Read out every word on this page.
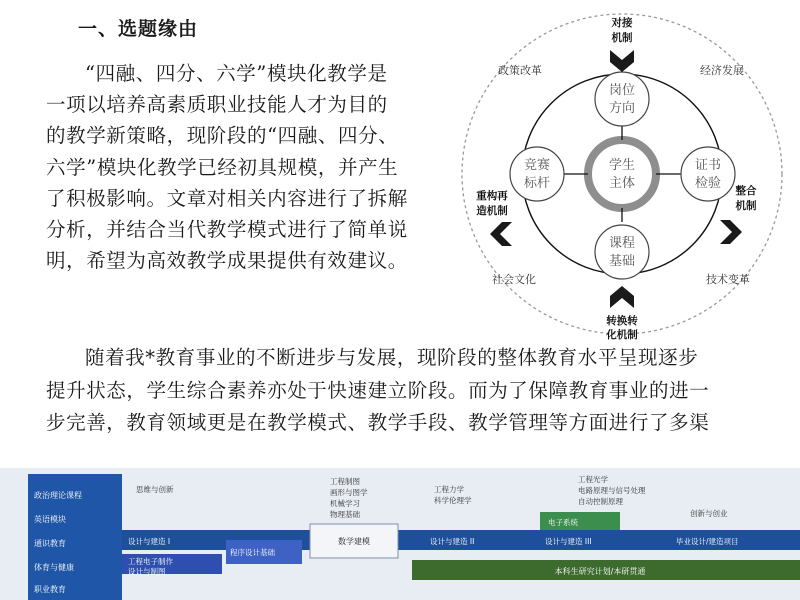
一、选题缘由

“四融、四分、六学”模块化教学是

一项以培养高素质职业技能人才为目的

的教学新策略，现阶段的“四融、四分、

六学”模块化教学已经初具规模，并产生

了积极影响。文章对相关内容进行了拆解

分析，并结合当代教学模式进行了简单说

明，希望为高效教学成果提供有效建议。

学生
主体
岗位
方向
竞赛
标杆
证书
检验
课程
基础
政策改革	经济发展
社会文化	技术变革
对接
机制
重构再
造机制
整合
机制
转换转
化机制

随着我*教育事业的不断进步与发展，现阶段的整体教育水平呈现逐步

提升状态，学生综合素养亦处于快速建立阶段。而为了保障教育事业的进一

步完善，教育领域更是在教学模式、教学手段、教学管理等方面进行了多渠

政治理论课程
英语模块
通识教育
体育与健康
职业教育
本科生研究计划/本研贯通
设计与建造 I
工程电子制作
设计与制图
程序设计基础
数学建模	设计与建造 II	设计与建造 III
电子系统
毕业设计/建造项目
思维与创新
工程制图
画形与图学
机械学习
物理基础
工程力学
科学伦理学
工程光学
电路原理与信号处理
自动控制原理
创新与创业
